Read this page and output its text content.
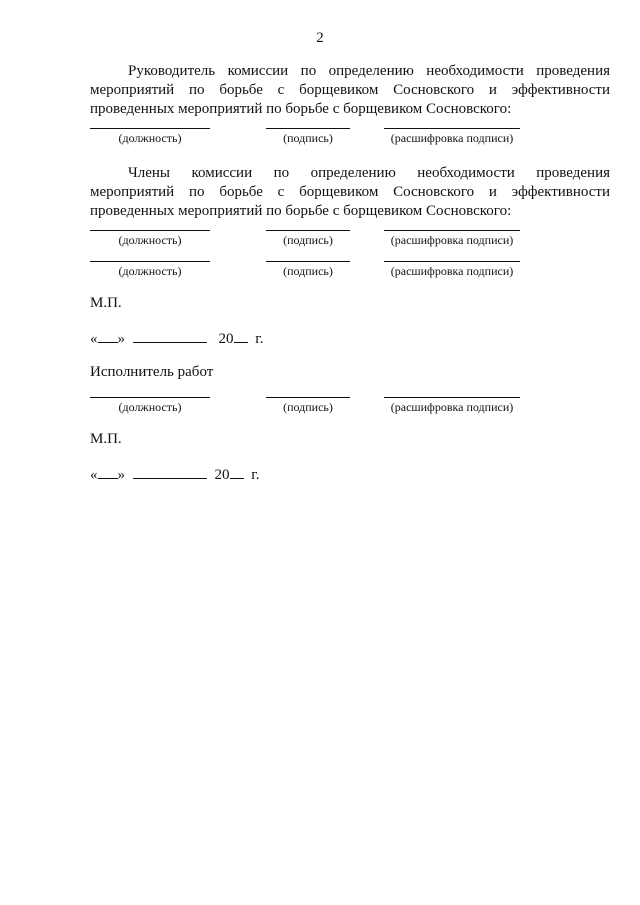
2
Руководитель комиссии по определению необходимости проведения
мероприятий по борьбе с борщевиком Сосновского и эффективности
проведенных мероприятий по борьбе с борщевиком Сосновского:
(должность)	(подпись)	(расшифровка подписи)
Члены комиссии по определению необходимости проведения
мероприятий по борьбе с борщевиком Сосновского и эффективности
проведенных мероприятий по борьбе с борщевиком Сосновского:
(должность)	(подпись)	(расшифровка подписи)
(должность)	(подпись)	(расшифровка подписи)
М.П.
« »	20 г.
Исполнитель работ
(должность)	(подпись)	(расшифровка подписи)
М.П.
« »	20 г.
